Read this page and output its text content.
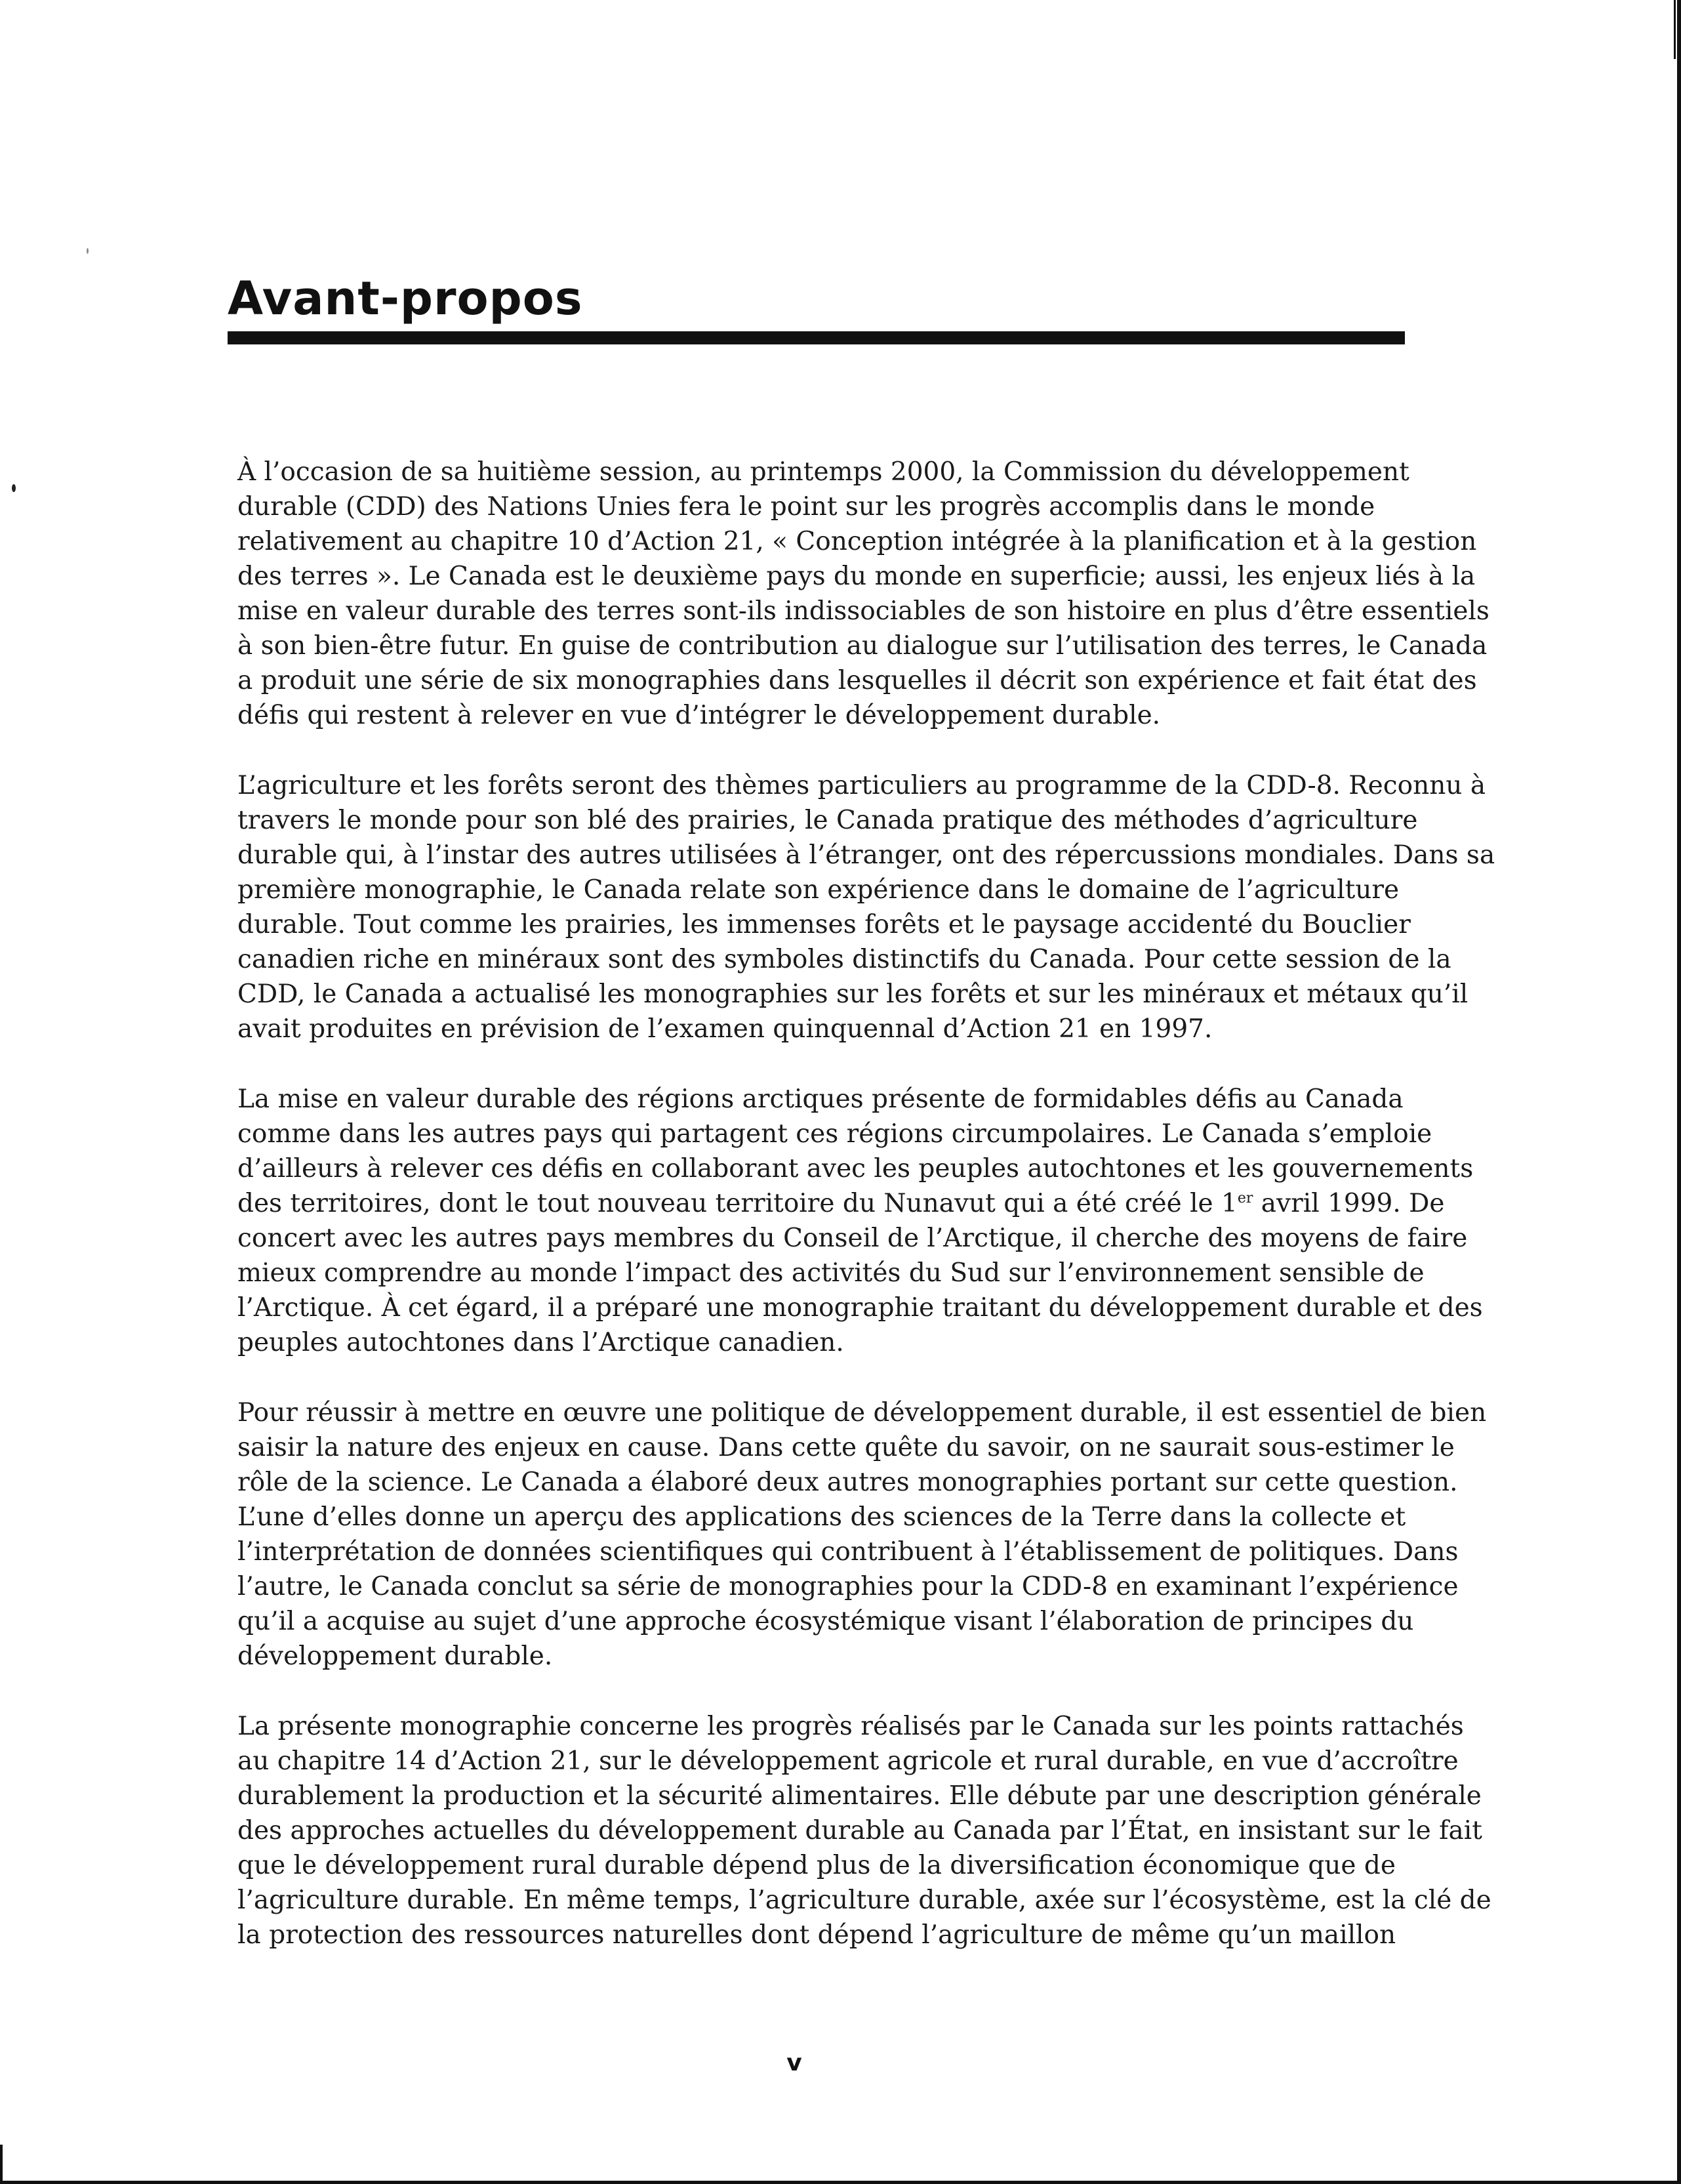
Avant-propos

À l’occasion de sa huitième session, au printemps 2000, la Commission du développement
durable (CDD) des Nations Unies fera le point sur les progrès accomplis dans le monde
relativement au chapitre 10 d’Action 21, « Conception intégrée à la planification et à la gestion
des terres ». Le Canada est le deuxième pays du monde en superficie; aussi, les enjeux liés à la
mise en valeur durable des terres sont-ils indissociables de son histoire en plus d’être essentiels
à son bien-être futur. En guise de contribution au dialogue sur l’utilisation des terres, le Canada
a produit une série de six monographies dans lesquelles il décrit son expérience et fait état des
défis qui restent à relever en vue d’intégrer le développement durable.

L’agriculture et les forêts seront des thèmes particuliers au programme de la CDD-8. Reconnu à
travers le monde pour son blé des prairies, le Canada pratique des méthodes d’agriculture
durable qui, à l’instar des autres utilisées à l’étranger, ont des répercussions mondiales. Dans sa
première monographie, le Canada relate son expérience dans le domaine de l’agriculture
durable. Tout comme les prairies, les immenses forêts et le paysage accidenté du Bouclier
canadien riche en minéraux sont des symboles distinctifs du Canada. Pour cette session de la
CDD, le Canada a actualisé les monographies sur les forêts et sur les minéraux et métaux qu’il
avait produites en prévision de l’examen quinquennal d’Action 21 en 1997.

La mise en valeur durable des régions arctiques présente de formidables défis au Canada
comme dans les autres pays qui partagent ces régions circumpolaires. Le Canada s’emploie
d’ailleurs à relever ces défis en collaborant avec les peuples autochtones et les gouvernements
des territoires, dont le tout nouveau territoire du Nunavut qui a été créé le 1er avril 1999. De
concert avec les autres pays membres du Conseil de l’Arctique, il cherche des moyens de faire
mieux comprendre au monde l’impact des activités du Sud sur l’environnement sensible de
l’Arctique. À cet égard, il a préparé une monographie traitant du développement durable et des
peuples autochtones dans l’Arctique canadien.

Pour réussir à mettre en œuvre une politique de développement durable, il est essentiel de bien
saisir la nature des enjeux en cause. Dans cette quête du savoir, on ne saurait sous-estimer le
rôle de la science. Le Canada a élaboré deux autres monographies portant sur cette question.
L’une d’elles donne un aperçu des applications des sciences de la Terre dans la collecte et
l’interprétation de données scientifiques qui contribuent à l’établissement de politiques. Dans
l’autre, le Canada conclut sa série de monographies pour la CDD-8 en examinant l’expérience
qu’il a acquise au sujet d’une approche écosystémique visant l’élaboration de principes du
développement durable.

La présente monographie concerne les progrès réalisés par le Canada sur les points rattachés
au chapitre 14 d’Action 21, sur le développement agricole et rural durable, en vue d’accroître
durablement la production et la sécurité alimentaires. Elle débute par une description générale
des approches actuelles du développement durable au Canada par l’État, en insistant sur le fait
que le développement rural durable dépend plus de la diversification économique que de
l’agriculture durable. En même temps, l’agriculture durable, axée sur l’écosystème, est la clé de
la protection des ressources naturelles dont dépend l’agriculture de même qu’un maillon

v
